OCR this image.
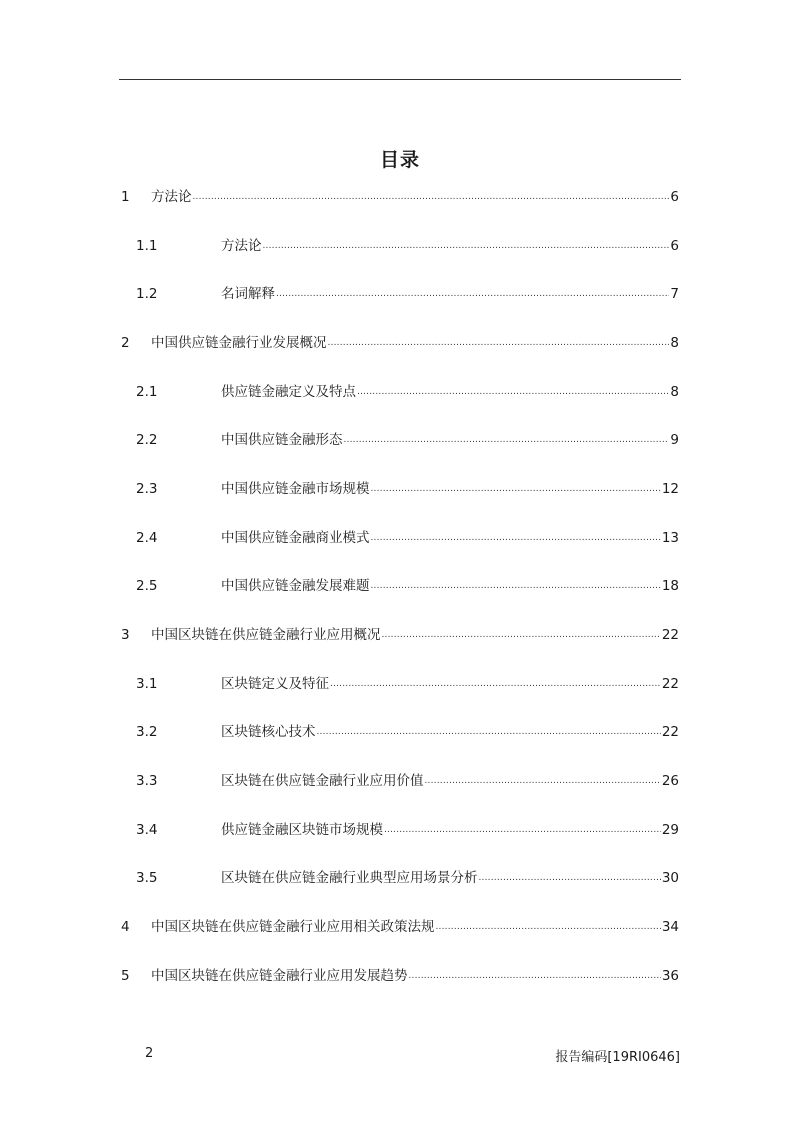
目录
1	方法论 .....	6
1.1	方法论 .....	6
1.2	名词解释 .....	7
2	中国供应链金融行业发展概况 .....	8
2.1	供应链金融定义及特点 .....	8
2.2	中国供应链金融形态 .....	9
2.3	中国供应链金融市场规模 .....	12
2.4	中国供应链金融商业模式 .....	13
2.5	中国供应链金融发展难题 .....	18
3	中国区块链在供应链金融行业应用概况 .....	22
3.1	区块链定义及特征 .....	22
3.2	区块链核心技术 .....	22
3.3	区块链在供应链金融行业应用价值 .....	26
3.4	供应链金融区块链市场规模 .....	29
3.5	区块链在供应链金融行业典型应用场景分析 .....	30
4	中国区块链在供应链金融行业应用相关政策法规 .....	34
5	中国区块链在供应链金融行业应用发展趋势 .....	36
2	报告编码[19RI0646]
